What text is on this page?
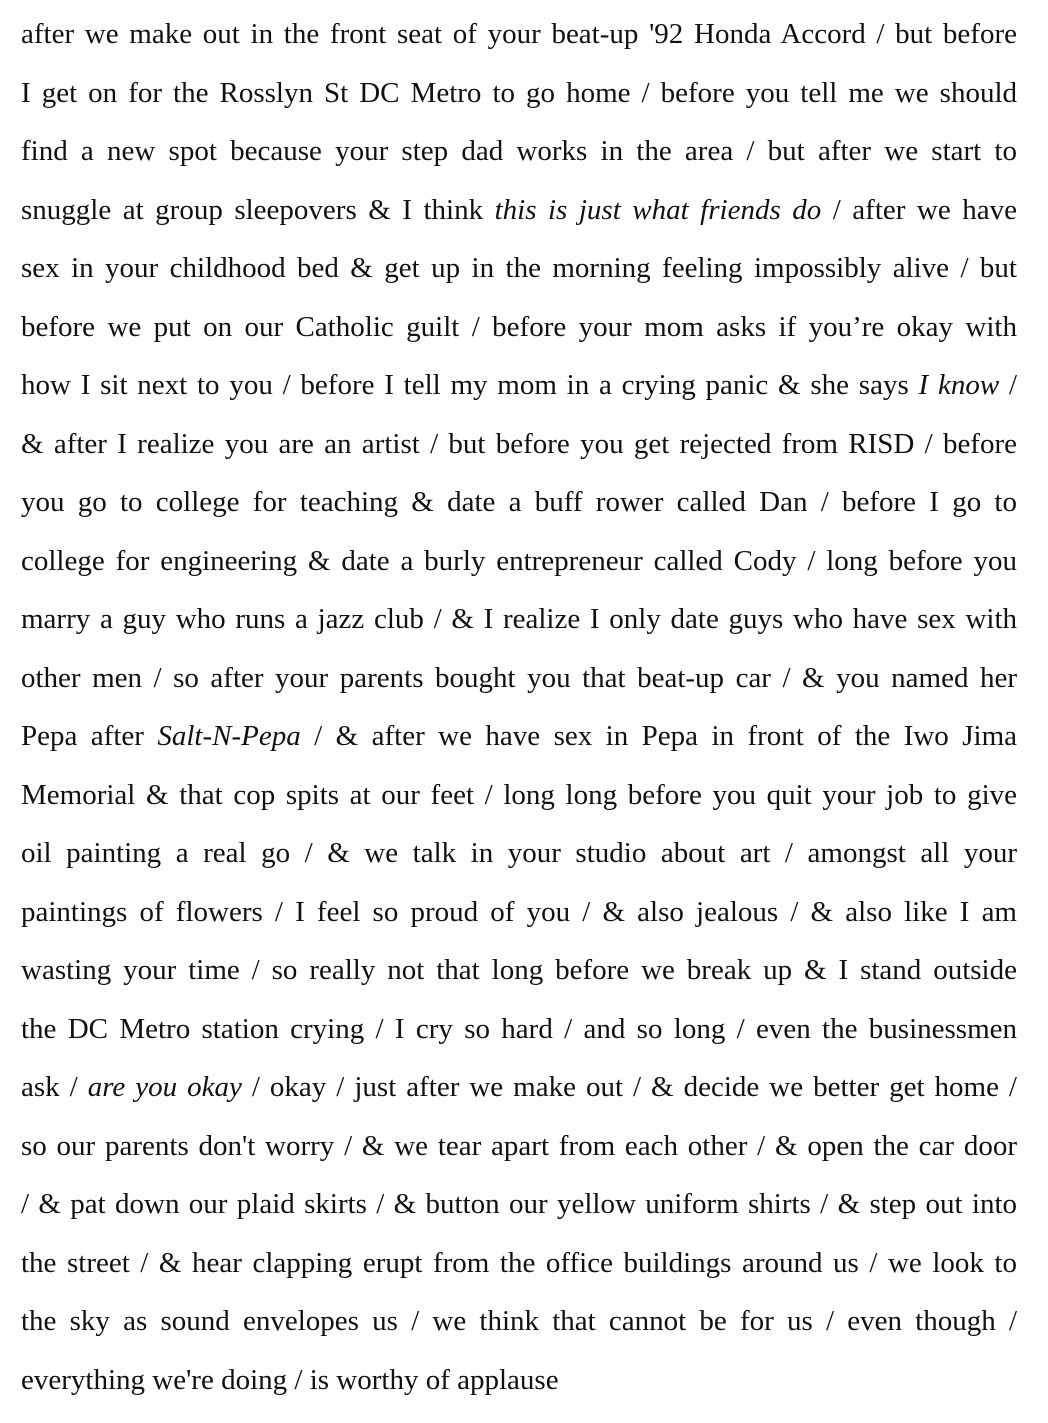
after we make out in the front seat of your beat-up '92 Honda Accord / but before
I get on for the Rosslyn St DC Metro to go home / before you tell me we should
find a new spot because your step dad works in the area / but after we start to
snuggle at group sleepovers & I think this is just what friends do / after we have
sex in your childhood bed & get up in the morning feeling impossibly alive / but
before we put on our Catholic guilt / before your mom asks if you’re okay with
how I sit next to you / before I tell my mom in a crying panic & she says I know /
& after I realize you are an artist / but before you get rejected from RISD / before
you go to college for teaching & date a buff rower called Dan / before I go to
college for engineering & date a burly entrepreneur called Cody / long before you
marry a guy who runs a jazz club / & I realize I only date guys who have sex with
other men / so after your parents bought you that beat-up car / & you named her
Pepa after Salt-N-Pepa / & after we have sex in Pepa in front of the Iwo Jima
Memorial & that cop spits at our feet / long long before you quit your job to give
oil painting a real go / & we talk in your studio about art / amongst all your
paintings of flowers / I feel so proud of you / & also jealous / & also like I am
wasting your time / so really not that long before we break up & I stand outside
the DC Metro station crying / I cry so hard / and so long / even the businessmen
ask / are you okay / okay / just after we make out / & decide we better get home /
so our parents don't worry / & we tear apart from each other / & open the car door
/ & pat down our plaid skirts / & button our yellow uniform shirts / & step out into
the street / & hear clapping erupt from the office buildings around us / we look to
the sky as sound envelopes us / we think that cannot be for us / even though /
everything we're doing / is worthy of applause
